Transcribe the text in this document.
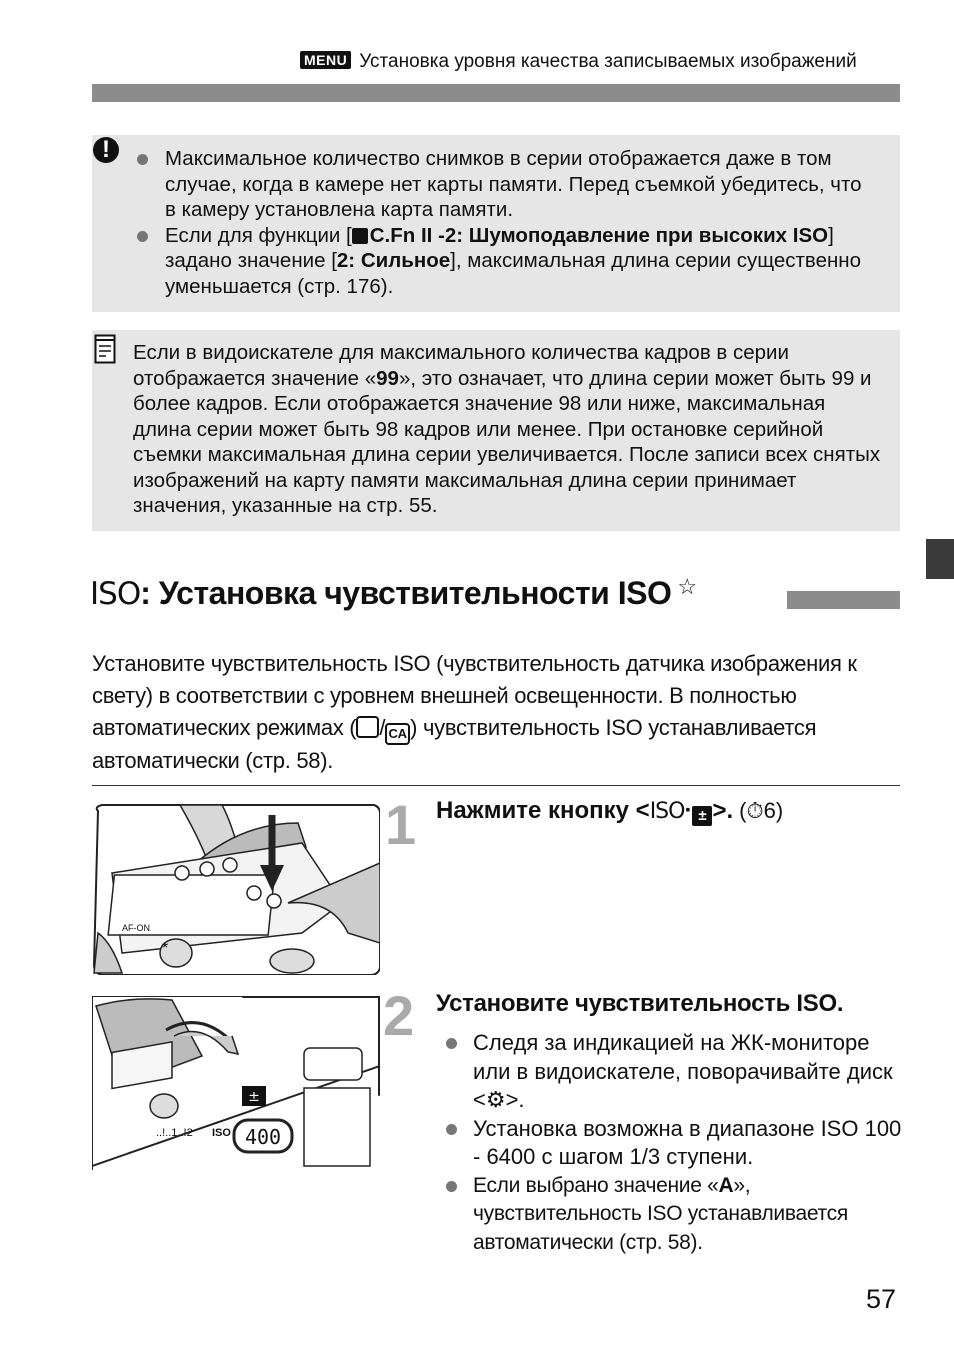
MENU Установка уровня качества записываемых изображений
!	Максимальное количество снимков в серии отображается даже в том случае, когда в камере нет карты памяти. Перед съемкой убедитесь, что в камеру установлена карта памяти.
Если для функции [ C.Fn II -2: Шумоподавление при высоких ISO] задано значение [2: Сильное], максимальная длина серии существенно уменьшается (стр. 176).

Если в видоискателе для максимального количества кадров в серии отображается значение «99», это означает, что длина серии может быть 99 и более кадров. Если отображается значение 98 или ниже, максимальная длина серии может быть 98 кадров или менее. При остановке серийной съемки максимальная длина серии увеличивается. После записи всех снятых изображений на карту памяти максимальная длина серии принимает значения, указанные на стр. 55.

ISO: Установка чувствительности ISO ☆
Установите чувствительность ISO (чувствительность датчика изображения к свету) в соответствии с уровнем внешней освещенности. В полностью автоматических режимах ( / CA ) чувствительность ISO устанавливается автоматически (стр. 58).
AF-ON
*
±
..!..1..!2 ISO 400
1
2
Нажмите кнопку <ISO· ± >. (⏱6)
Установите чувствительность ISO.
Следя за индикацией на ЖК-мониторе или в видоискателе, поворачивайте диск <⚙>.
Установка возможна в диапазоне ISO 100 - 6400 с шагом 1/3 ступени.
Если выбрано значение «A», чувствительность ISO устанавливается автоматически (стр. 58).
57
